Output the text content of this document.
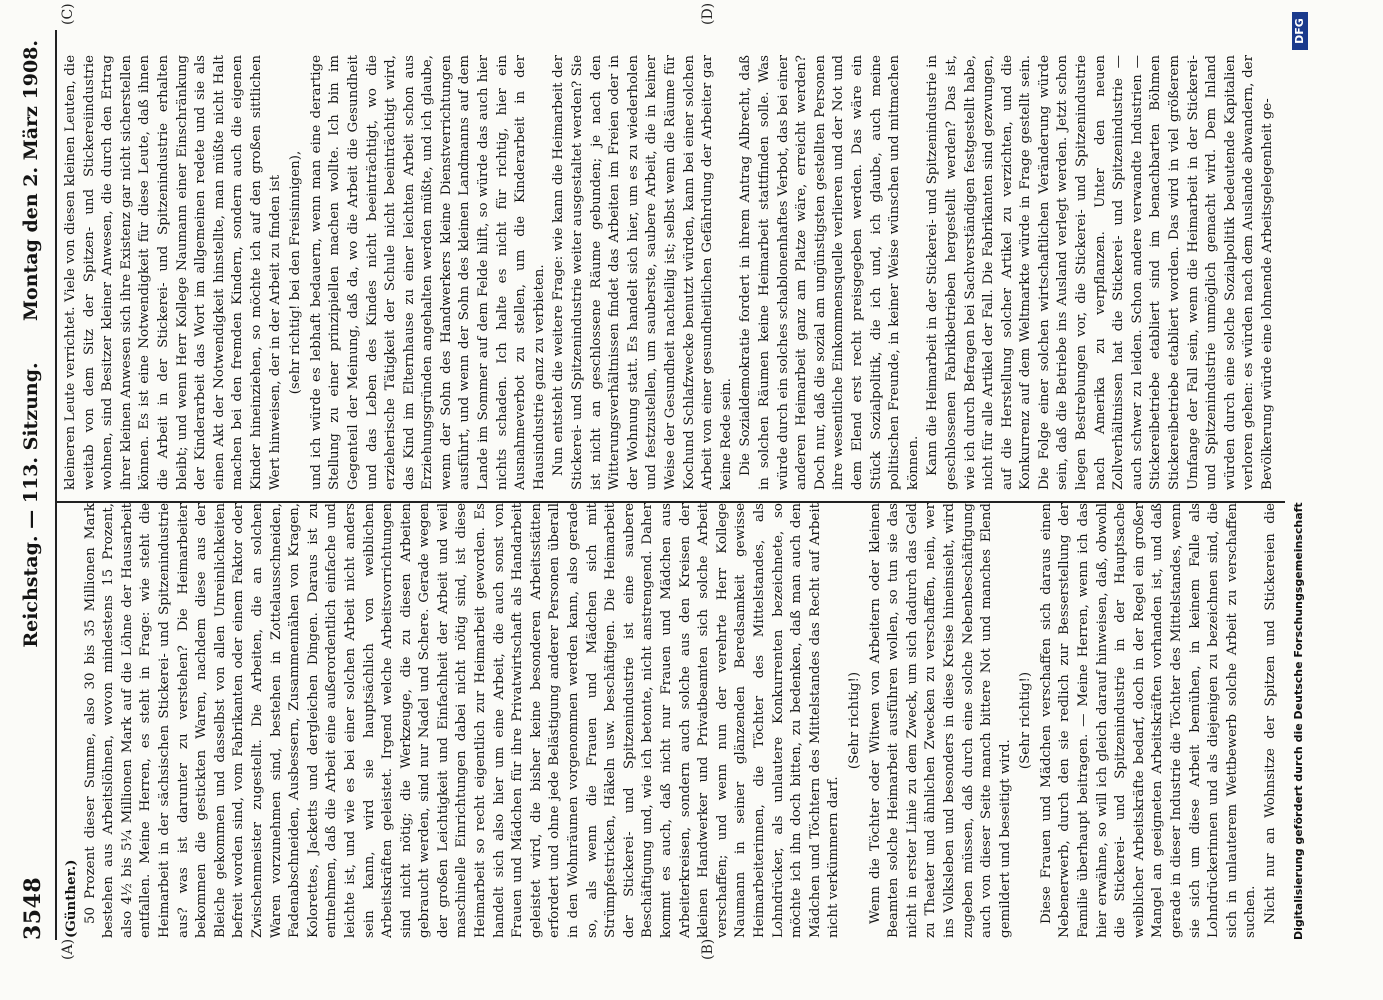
3548
Reichstag. — 113. Sitzung.
Montag den 2. März 1908.
(A)	(B)
(C)	(D)

(Günther.) 50 Prozent dieser Summe, also 30 bis 35 Millionen Mark bestehen aus Arbeitslöhnen, wovon mindestens 15 Prozent, also 4½ bis 5¼ Millionen Mark auf die Löhne der Hausarbeit entfallen. Meine Herren, es steht in Frage: wie steht die Heimarbeit in der sächsischen Stickerei- und Spitzenindustrie aus? was ist darunter zu verstehen? Die Heimarbeiter bekommen die gestickten Waren, nachdem diese aus der Bleiche gekommen und dasselbst von allen Unreinlichkeiten befreit worden sind, vom Fabrikanten oder einem Faktor oder Zwischenmeister zugestellt. Die Arbeiten, die an solchen Waren vorzunehmen sind, bestehen in Zottelausschneiden, Fadenabschneiden, Ausbessern, Zusammennähen von Kragen, Kolorettes, Jacketts und dergleichen Dingen. Daraus ist zu entnehmen, daß die Arbeit eine außerordentlich einfache und leichte ist, und wie es bei einer solchen Arbeit nicht anders sein kann, wird sie hauptsächlich von weiblichen Arbeitskräften geleistet. Irgend welche Arbeitsvorrichtungen sind nicht nötig; die Werkzeuge, die zu diesen Arbeiten gebraucht werden, sind nur Nadel und Schere. Gerade wegen der großen Leichtigkeit und Einfachheit der Arbeit und weil maschinelle Einrichtungen dabei nicht nötig sind, ist diese Heimarbeit so recht eigentlich zur Heimarbeit geworden. Es handelt sich also hier um eine Arbeit, die auch sonst von Frauen und Mädchen für ihre Privatwirtschaft als Handarbeit geleistet wird, die bisher keine besonderen Arbeitsstätten erfordert und ohne jede Belästigung anderer Personen überall in den Wohnräumen vorgenommen werden kann, also gerade so, als wenn die Frauen und Mädchen sich mit Strümpfestricken, Häkeln usw. beschäftigen. Die Heimarbeit der Stickerei- und Spitzenindustrie ist eine saubere Beschäftigung und, wie ich betonte, nicht anstrengend. Daher kommt es auch, daß nicht nur Frauen und Mädchen aus Arbeiterkreisen, sondern auch solche aus den Kreisen der kleinen Handwerker und Privatbeamten sich solche Arbeit verschaffen; und wenn nun der verehrte Herr Kollege Naumann in seiner glänzenden Beredsamkeit gewisse Heimarbeiterinnen, die Töchter des Mittelstandes, als Lohndrücker, als unlautere Konkurrenten bezeichnete, so möchte ich ihn doch bitten, zu bedenken, daß man auch den Mädchen und Töchtern des Mittelstandes das Recht auf Arbeit nicht verkümmern darf.

(Sehr richtig!) Wenn die Töchter oder Witwen von Arbeitern oder kleinen Beamten solche Heimarbeit ausführen wollen, so tun sie das nicht in erster Linie zu dem Zweck, um sich dadurch das Geld zu Theater und ähnlichen Zwecken zu verschaffen, nein, wer ins Volksleben und besonders in diese Kreise hineinsieht, wird zugeben müssen, daß durch eine solche Nebenbeschäftigung auch von dieser Seite manch bittere Not und manches Elend gemildert und beseitigt wird.

(Sehr richtig!) Diese Frauen und Mädchen verschaffen sich daraus einen Nebenerwerb, durch den sie redlich zur Besserstellung der Familie überhaupt beitragen. — Meine Herren, wenn ich das hier erwähne, so will ich gleich darauf hinweisen, daß, obwohl die Stickerei- und Spitzenindustrie in der Hauptsache weiblicher Arbeitskräfte bedarf, doch in der Regel ein großer Mangel an geeigneten Arbeitskräften vorhanden ist, und daß gerade in dieser Industrie die Töchter des Mittelstandes, wenn sie sich um diese Arbeit bemühen, in keinem Falle als Lohndrückerinnen und als diejenigen zu bezeichnen sind, die sich in unlauterem Wettbewerb solche Arbeit zu verschaffen suchen. Nicht nur an Wohnsitze der Spitzen und Stickereien die

kleineren Leute verrichtet. Viele von diesen kleinen Leuten, die weitab von dem Sitz der Spitzen- und Stickereiindustrie wohnen, sind Besitzer kleiner Anwesen, die durch den Ertrag ihrer kleinen Anwesen sich ihre Existenz gar nicht sicherstellen können. Es ist eine Notwendigkeit für diese Leute, daß ihnen die Arbeit in der Stickerei- und Spitzenindustrie erhalten bleibt; und wenn Herr Kollege Naumann einer Einschränkung der Kinderarbeit das Wort im allgemeinen redete und sie als einen Akt der Notwendigkeit hinstellte, man müßte nicht Halt machen bei den fremden Kindern, sondern auch die eigenen Kinder hineinziehen, so möchte ich auf den großen sittlichen Wert hinweisen, der in der Arbeit zu finden ist (sehr richtig! bei den Freisinnigen), und ich würde es lebhaft bedauern, wenn man eine derartige Stellung zu einer prinzipiellen machen wollte. Ich bin im Gegenteil der Meinung, daß da, wo die Arbeit die Gesundheit und das Leben des Kindes nicht beeinträchtigt, wo die erzieherische Tätigkeit der Schule nicht beeinträchtigt wird, das Kind im Elternhause zu einer leichten Arbeit schon aus Erziehungsgründen angehalten werden müßte, und ich glaube, wenn der Sohn des Handwerkers kleine Dienstverrichtungen ausführt, und wenn der Sohn des kleinen Landmanns auf dem Lande im Sommer auf dem Felde hilft, so würde das auch hier nichts schaden. Ich halte es nicht für richtig, hier ein Ausnahmeverbot zu stellen, um die Kinderarbeit in der Hausindustrie ganz zu verbieten. Nun entsteht die weitere Frage: wie kann die Heimarbeit der Stickerei- und Spitzenindustrie weiter ausgestaltet werden? Sie ist nicht an geschlossene Räume gebunden; je nach den Witterungsverhältnissen findet das Arbeiten im Freien oder in der Wohnung statt. Es handelt sich hier, um es zu wiederholen und festzustellen, um sauberste, saubere Arbeit, die in keiner Weise der Gesundheit nachteilig ist; selbst wenn die Räume für Kochund Schlafzwecke benutzt würden, kann bei einer solchen Arbeit von einer gesundheitlichen Gefährdung der Arbeiter gar keine Rede sein. Die Sozialdemokratie fordert in ihrem Antrag Albrecht, daß in solchen Räumen keine Heimarbeit stattfinden solle. Was würde durch ein solches schablonenhaftes Verbot, das bei einer anderen Heimarbeit ganz am Platze wäre, erreicht werden? Doch nur, daß die sozial am ungünstigsten gestellten Personen ihre wesentliche Einkommensquelle verlieren und der Not und dem Elend erst recht preisgegeben werden. Das wäre ein Stück Sozialpolitik, die ich und, ich glaube, auch meine politischen Freunde, in keiner Weise wünschen und mitmachen können. Kann die Heimarbeit in der Stickerei- und Spitzenindustrie in geschlossenen Fabrikbetrieben hergestellt werden? Das ist, wie ich durch Befragen bei Sachverständigen festgestellt habe, nicht für alle Artikel der Fall. Die Fabrikanten sind gezwungen, auf die Herstellung solcher Artikel zu verzichten, und die Konkurrenz auf dem Weltmarkte würde in Frage gestellt sein. Die Folge einer solchen wirtschaftlichen Veränderung würde sein, daß die Betriebe ins Ausland verlegt werden. Jetzt schon liegen Bestrebungen vor, die Stickerei- und Spitzenindustrie nach Amerika zu verpflanzen. Unter den neuen Zollverhältnissen hat die Stickerei- und Spitzenindustrie — auch schwer zu leiden. Schon andere verwandte Industrien — Stickereibetriebe etabliert sind im benachbarten Böhmen Stickereibetriebe etabliert worden. Das wird in viel größerem Umfange der Fall sein, wenn die Heimarbeit in der Stickerei- und Spitzenindustrie unmöglich gemacht wird. Dem Inland würden durch eine solche Sozialpolitik bedeutende Kapitalien verloren gehen: es würden nach dem Auslande abwandern, der Bevölkerung würde eine lohnende Arbeitsgelegenheit ge-

Digitalisierung gefördert durch die Deutsche Forschungsgemeinschaft
DFG
